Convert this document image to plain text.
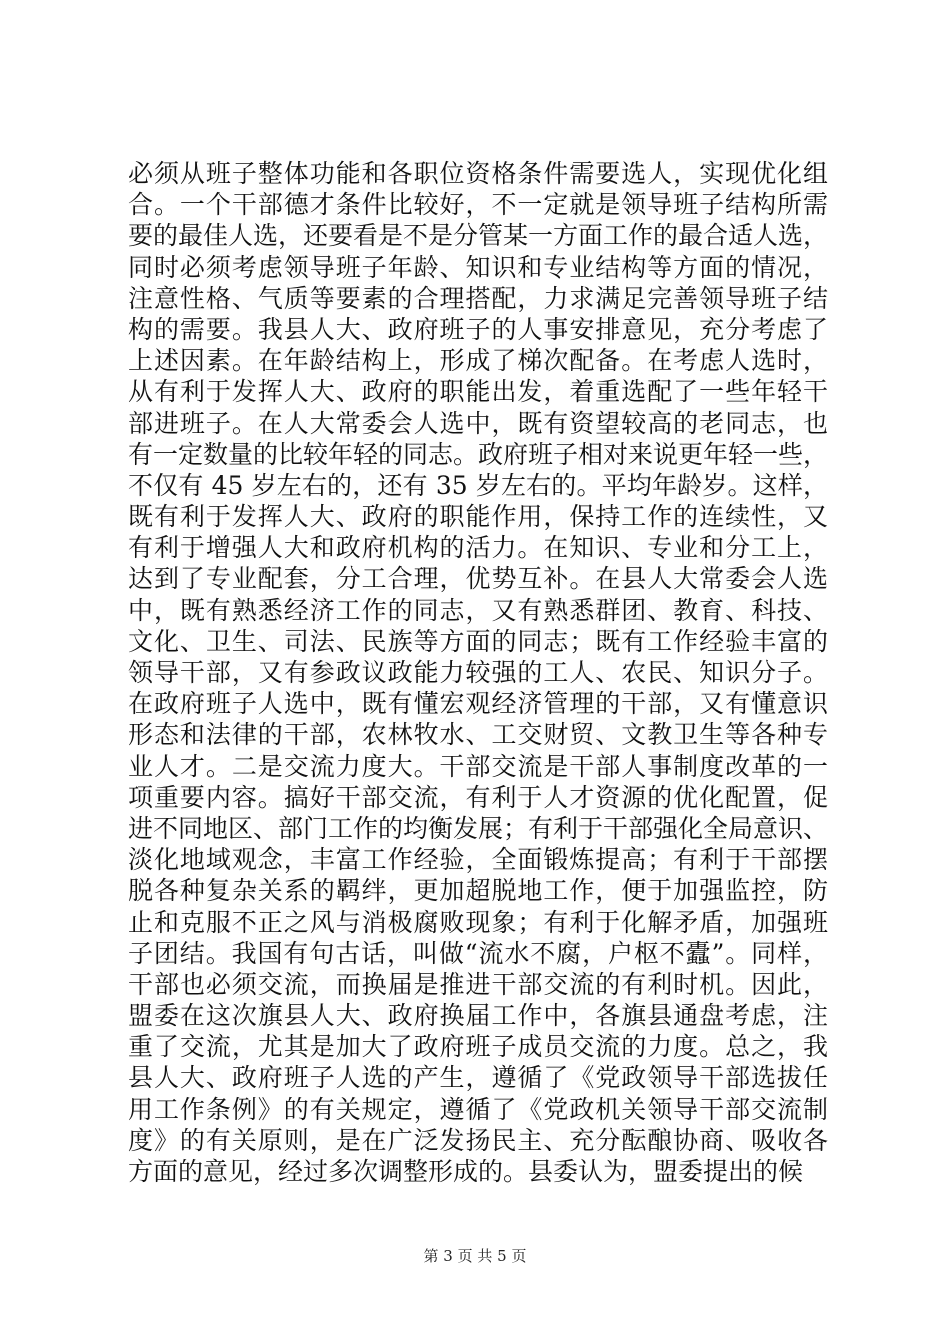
必须从班子整体功能和各职位资格条件需要选人，实现优化组
合。一个干部德才条件比较好，不一定就是领导班子结构所需
要的最佳人选，还要看是不是分管某一方面工作的最合适人选，
同时必须考虑领导班子年龄、知识和专业结构等方面的情况，
注意性格、气质等要素的合理搭配，力求满足完善领导班子结
构的需要。我县人大、政府班子的人事安排意见，充分考虑了
上述因素。在年龄结构上，形成了梯次配备。在考虑人选时，
从有利于发挥人大、政府的职能出发，着重选配了一些年轻干
部进班子。在人大常委会人选中，既有资望较高的老同志，也
有一定数量的比较年轻的同志。政府班子相对来说更年轻一些，
不仅有 45 岁左右的，还有 35 岁左右的。平均年龄岁。这样，
既有利于发挥人大、政府的职能作用，保持工作的连续性，又
有利于增强人大和政府机构的活力。在知识、专业和分工上，
达到了专业配套，分工合理，优势互补。在县人大常委会人选
中，既有熟悉经济工作的同志，又有熟悉群团、教育、科技、
文化、卫生、司法、民族等方面的同志；既有工作经验丰富的
领导干部，又有参政议政能力较强的工人、农民、知识分子。
在政府班子人选中，既有懂宏观经济管理的干部，又有懂意识
形态和法律的干部，农林牧水、工交财贸、文教卫生等各种专
业人才。二是交流力度大。干部交流是干部人事制度改革的一
项重要内容。搞好干部交流，有利于人才资源的优化配置，促
进不同地区、部门工作的均衡发展；有利于干部强化全局意识、
淡化地域观念，丰富工作经验，全面锻炼提高；有利于干部摆
脱各种复杂关系的羁绊，更加超脱地工作，便于加强监控，防
止和克服不正之风与消极腐败现象；有利于化解矛盾，加强班
子团结。我国有句古话，叫做“流水不腐，户枢不蠹”。同样，
干部也必须交流，而换届是推进干部交流的有利时机。因此，
盟委在这次旗县人大、政府换届工作中，各旗县通盘考虑，注
重了交流，尤其是加大了政府班子成员交流的力度。总之，我
县人大、政府班子人选的产生，遵循了《党政领导干部选拔任
用工作条例》的有关规定，遵循了《党政机关领导干部交流制
度》的有关原则，是在广泛发扬民主、充分酝酿协商、吸收各
方面的意见，经过多次调整形成的。县委认为，盟委提出的候
第 3 页 共 5 页
